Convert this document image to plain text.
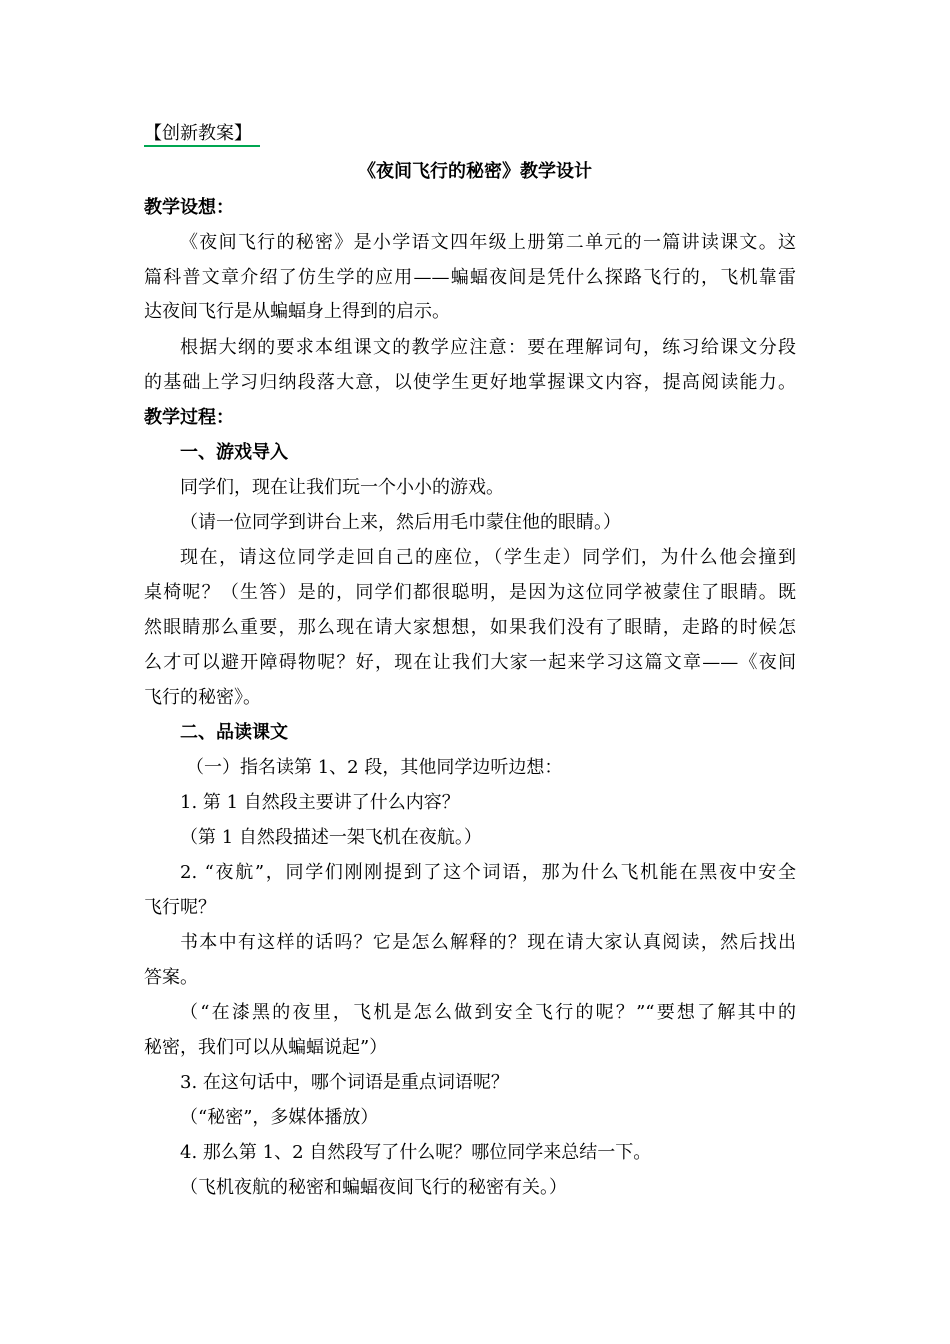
【创新教案】
《夜间飞行的秘密》教学设计
教学设想：
《夜间飞行的秘密》是小学语文四年级上册第二单元的一篇讲读课文。这
篇科普文章介绍了仿生学的应用——蝙蝠夜间是凭什么探路飞行的，飞机靠雷
达夜间飞行是从蝙蝠身上得到的启示。
根据大纲的要求本组课文的教学应注意：要在理解词句，练习给课文分段
的基础上学习归纳段落大意，以使学生更好地掌握课文内容，提高阅读能力。
教学过程：
一、游戏导入
同学们，现在让我们玩一个小小的游戏。
（请一位同学到讲台上来，然后用毛巾蒙住他的眼睛。）
现在，请这位同学走回自己的座位，（学生走）同学们，为什么他会撞到
桌椅呢？（生答）是的，同学们都很聪明，是因为这位同学被蒙住了眼睛。既
然眼睛那么重要，那么现在请大家想想，如果我们没有了眼睛，走路的时候怎
么才可以避开障碍物呢？好，现在让我们大家一起来学习这篇文章——《夜间
飞行的秘密》。
二、品读课文
（一）指名读第 1、2 段，其他同学边听边想：
1. 第 1 自然段主要讲了什么内容？
（第 1 自然段描述一架飞机在夜航。）
2. “夜航”，同学们刚刚提到了这个词语，那为什么飞机能在黑夜中安全
飞行呢？
书本中有这样的话吗？它是怎么解释的？现在请大家认真阅读，然后找出
答案。
（“在漆黑的夜里，飞机是怎么做到安全飞行的呢？”“要想了解其中的
秘密，我们可以从蝙蝠说起”）
3. 在这句话中，哪个词语是重点词语呢？
（“秘密”，多媒体播放）
4. 那么第 1、2 自然段写了什么呢？哪位同学来总结一下。
（飞机夜航的秘密和蝙蝠夜间飞行的秘密有关。）
